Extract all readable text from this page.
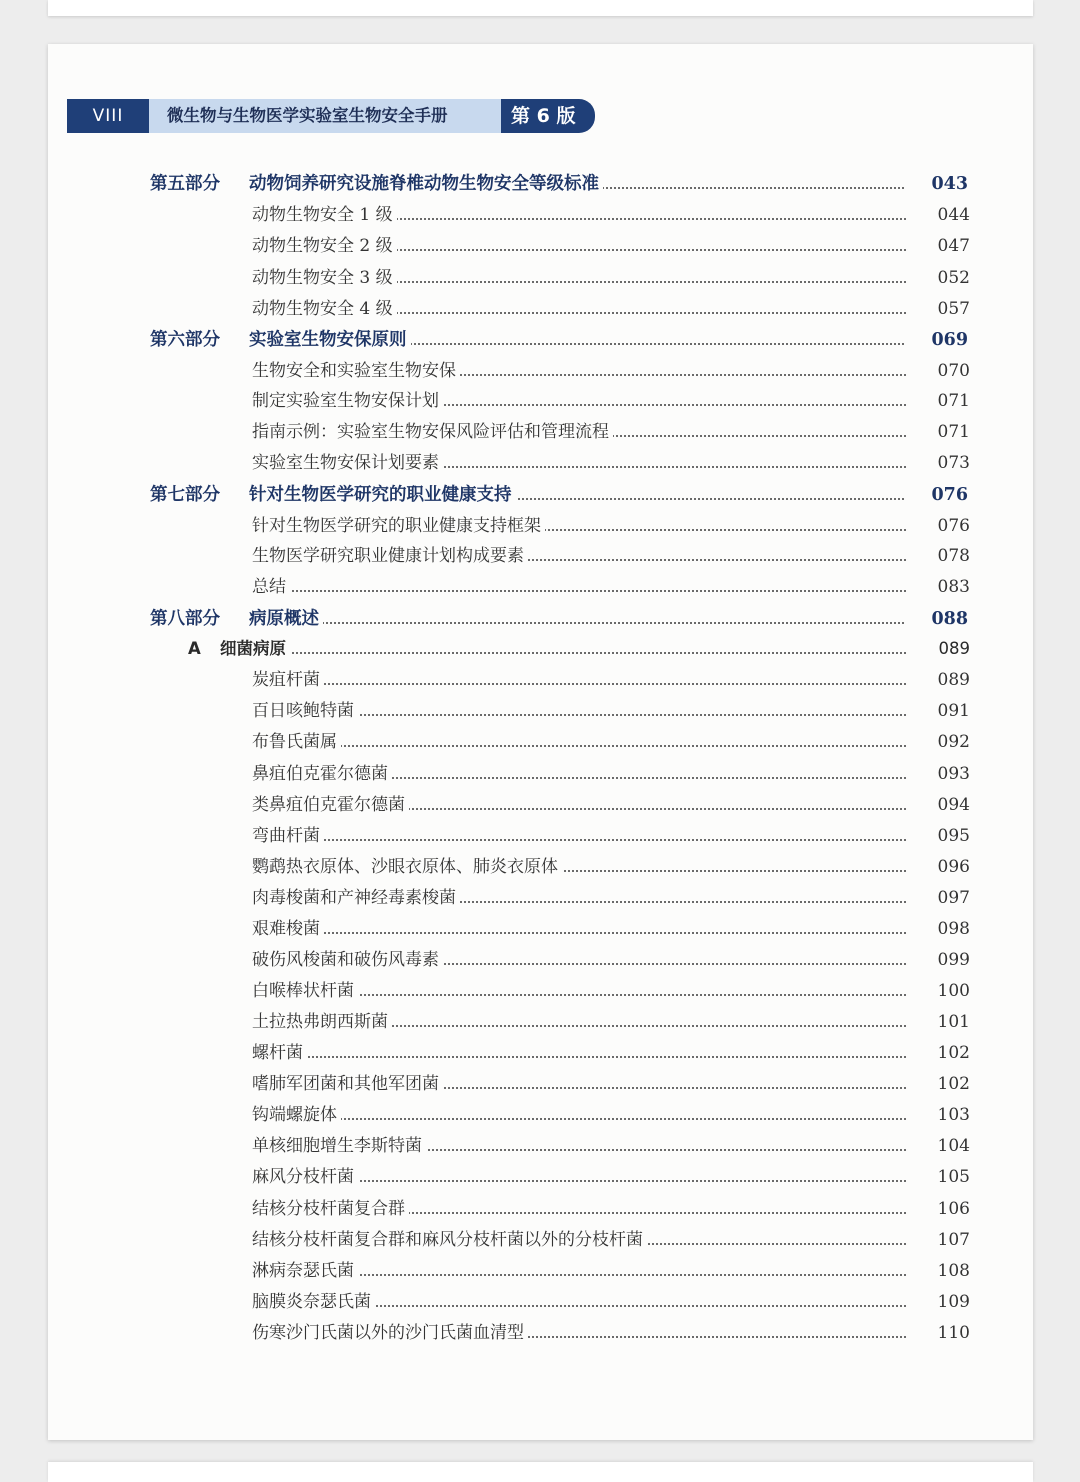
VIII	微生物与生物医学实验室生物安全手册	第 6 版
第五部分 动物饲养研究设施脊椎动物生物安全等级标准	043
动物生物安全 1 级	044
动物生物安全 2 级	047
动物生物安全 3 级	052
动物生物安全 4 级	057
第六部分 实验室生物安保原则	069
生物安全和实验室生物安保	070
制定实验室生物安保计划	071
指南示例：实验室生物安保风险评估和管理流程	071
实验室生物安保计划要素	073
第七部分 针对生物医学研究的职业健康支持	076
针对生物医学研究的职业健康支持框架	076
生物医学研究职业健康计划构成要素	078
总结	083
第八部分 病原概述	088
A 细菌病原	089
炭疽杆菌	089
百日咳鲍特菌	091
布鲁氏菌属	092
鼻疽伯克霍尔德菌	093
类鼻疽伯克霍尔德菌	094
弯曲杆菌	095
鹦鹉热衣原体、沙眼衣原体、肺炎衣原体	096
肉毒梭菌和产神经毒素梭菌	097
艰难梭菌	098
破伤风梭菌和破伤风毒素	099
白喉棒状杆菌	100
土拉热弗朗西斯菌	101
螺杆菌	102
嗜肺军团菌和其他军团菌	102
钩端螺旋体	103
单核细胞增生李斯特菌	104
麻风分枝杆菌	105
结核分枝杆菌复合群	106
结核分枝杆菌复合群和麻风分枝杆菌以外的分枝杆菌	107
淋病奈瑟氏菌	108
脑膜炎奈瑟氏菌	109
伤寒沙门氏菌以外的沙门氏菌血清型	110
